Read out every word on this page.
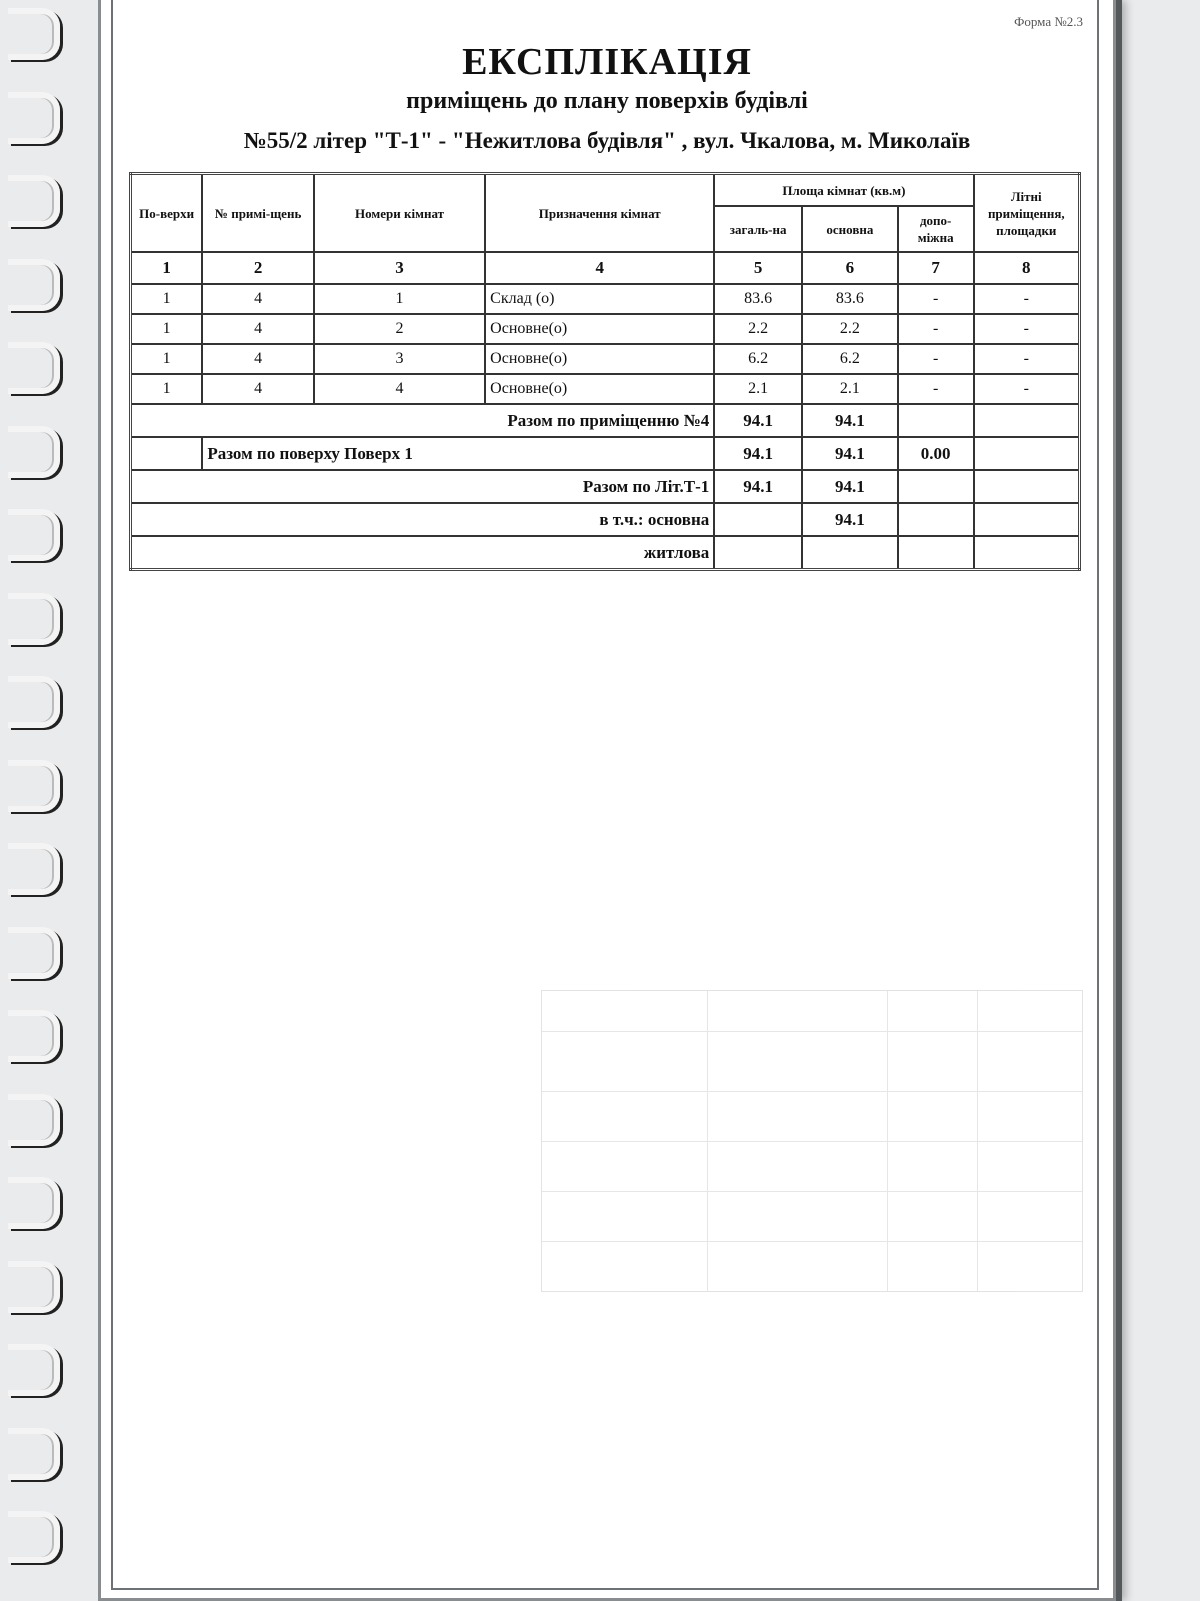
Форма №2.3
ЕКСПЛІКАЦІЯ
приміщень до плану поверхів будівлі
№55/2 літер "Т-1" - "Нежитлова будівля" , вул. Чкалова, м. Миколаїв
По-верхи	№ примі-щень	Номери кімнат	Призначення кімнат	Площа кімнат (кв.м)			Літні приміщення, площадки
				загаль-на	основна	допо-міжна	
1	2	3	4	5	6	7	8
1	4	1	Склад (о)	83.6	83.6	-	-
1	4	2	Основне(о)	2.2	2.2	-	-
1	4	3	Основне(о)	6.2	6.2	-	-
1	4	4	Основне(о)	2.1	2.1	-	-
Разом по приміщенню №4				94.1	94.1		
	Разом по поверху Поверх 1			94.1	94.1	0.00	
Разом по Літ.Т-1				94.1	94.1		
в т.ч.: основна					94.1		
житлова							
